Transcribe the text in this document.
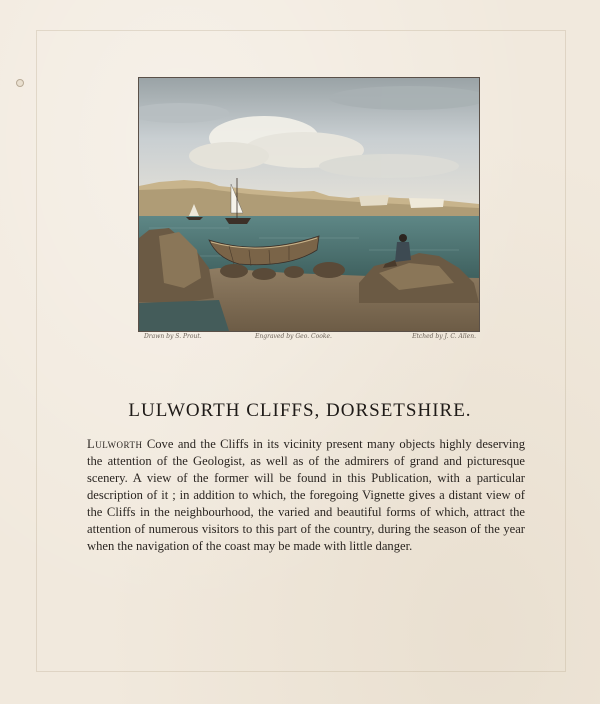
Drawn by S. Prout.	Engraved by Geo. Cooke.	Etched by J. C. Allen.
LULWORTH CLIFFS, DORSETSHIRE.
Lulworth Cove and the Cliffs in its vicinity present many objects highly deserving the attention of the Geologist, as well as of the admirers of grand and picturesque scenery. A view of the former will be found in this Publication, with a particular description of it ; in addition to which, the foregoing Vignette gives a distant view of the Cliffs in the neighbourhood, the varied and beautiful forms of which, attract the attention of numerous visitors to this part of the country, during the season of the year when the navigation of the coast may be made with little danger.
